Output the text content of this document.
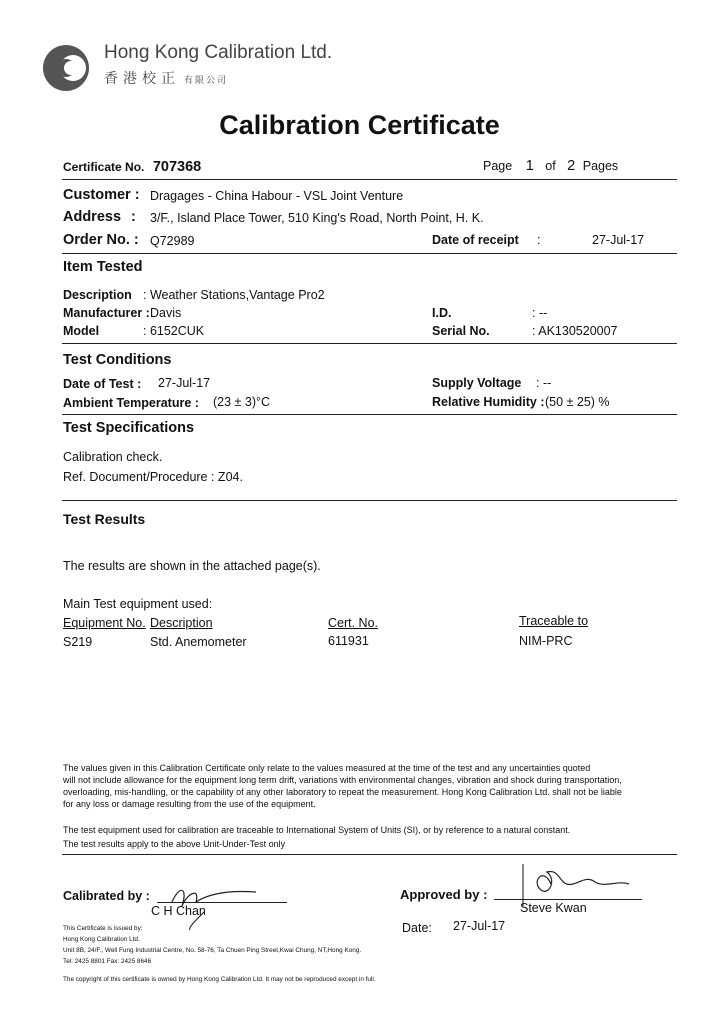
Hong Kong Calibration Ltd.
香港校正 有限公司
Calibration Certificate
Certificate No. 707368	Page 1 of 2 Pages
Customer : Dragages - China Habour - VSL Joint Venture
Address : 3/F., Island Place Tower, 510 King's Road, North Point, H. K.
Order No. : Q72989	Date of receipt :	27-Jul-17
Item Tested
Description : Weather Stations,Vantage Pro2
Manufacturer : Davis
Model	: 6152CUK
I.D.	: --
Serial No.	: AK130520007
Test Conditions
Date of Test : 27-Jul-17
Ambient Temperature : (23 ± 3)°C
Supply Voltage : --
Relative Humidity : (50 ± 25) %
Test Specifications
Calibration check.
Ref. Document/Procedure : Z04.
Test Results
The results are shown in the attached page(s).
Main Test equipment used:
Equipment No. Description	Cert. No.	Traceable to
S219	Std. Anemometer	611931	NIM-PRC
The values given in this Calibration Certificate only relate to the values measured at the time of the test and any uncertainties quoted
will not include allowance for the equipment long term drift, variations with environmental changes, vibration and shock during transportation,
overloading, mis-handling, or the capability of any other laboratory to repeat the measurement. Hong Kong Calibration Ltd. shall not be liable
for any loss or damage resulting from the use of the equipment.
The test equipment used for calibration are traceable to International System of Units (SI), or by reference to a natural constant.
The test results apply to the above Unit-Under-Test only
Calibrated by :
C H Chan
Approved by :
Steve Kwan
Date: 27-Jul-17
This Certificate is issued by:
Hong Kong Calibration Ltd.
Unit 8B, 24/F., Well Fung Industrial Centre, No. 58-76, Ta Chuen Ping Street,Kwai Chung, NT,Hong Kong.
Tel: 2425 8801 Fax: 2425 8646
The copyright of this certificate is owned by Hong Kong Calibration Ltd. It may not be reproduced except in full.
